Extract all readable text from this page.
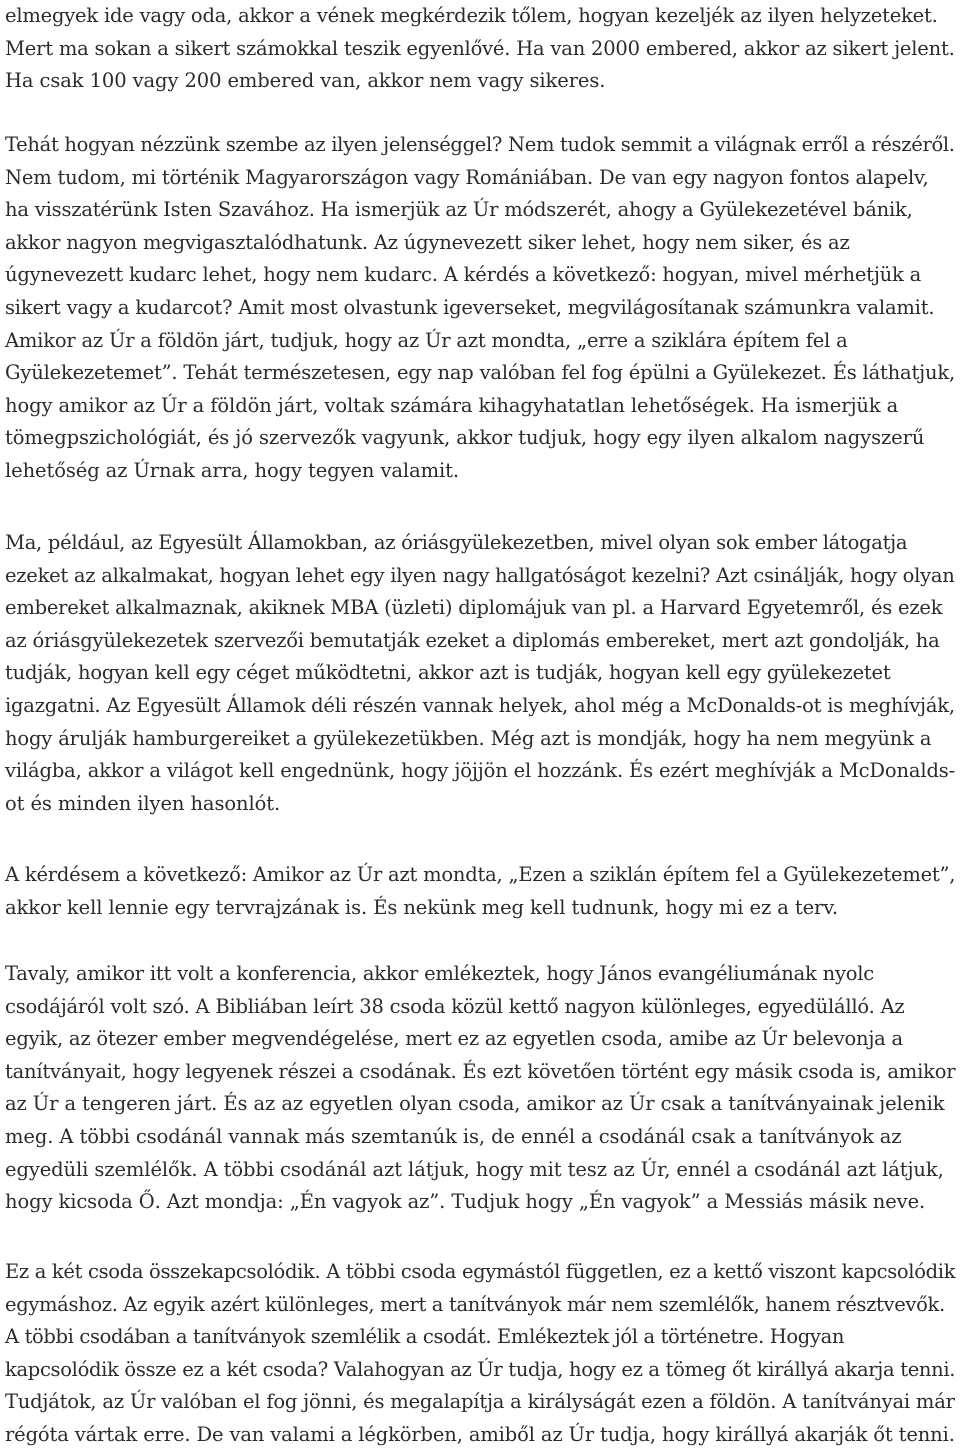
elmegyek ide vagy oda, akkor a vének megkérdezik tőlem, hogyan kezeljék az ilyen helyzeteket.
Mert ma sokan a sikert számokkal teszik egyenlővé. Ha van 2000 embered, akkor az sikert jelent.
Ha csak 100 vagy 200 embered van, akkor nem vagy sikeres.
Tehát hogyan nézzünk szembe az ilyen jelenséggel? Nem tudok semmit a világnak erről a részéről.
Nem tudom, mi történik Magyarországon vagy Romániában. De van egy nagyon fontos alapelv,
ha visszatérünk Isten Szavához. Ha ismerjük az Úr módszerét, ahogy a Gyülekezetével bánik,
akkor nagyon megvigasztalódhatunk. Az úgynevezett siker lehet, hogy nem siker, és az
úgynevezett kudarc lehet, hogy nem kudarc. A kérdés a következő: hogyan, mivel mérhetjük a
sikert vagy a kudarcot? Amit most olvastunk igeverseket, megvilágosítanak számunkra valamit.
Amikor az Úr a földön járt, tudjuk, hogy az Úr azt mondta, „erre a sziklára építem fel a
Gyülekezetemet”. Tehát természetesen, egy nap valóban fel fog épülni a Gyülekezet. És láthatjuk,
hogy amikor az Úr a földön járt, voltak számára kihagyhatatlan lehetőségek. Ha ismerjük a
tömegpszichológiát, és jó szervezők vagyunk, akkor tudjuk, hogy egy ilyen alkalom nagyszerű
lehetőség az Úrnak arra, hogy tegyen valamit.
Ma, például, az Egyesült Államokban, az óriásgyülekezetben, mivel olyan sok ember látogatja
ezeket az alkalmakat, hogyan lehet egy ilyen nagy hallgatóságot kezelni? Azt csinálják, hogy olyan
embereket alkalmaznak, akiknek MBA (üzleti) diplomájuk van pl. a Harvard Egyetemről, és ezek
az óriásgyülekezetek szervezői bemutatják ezeket a diplomás embereket, mert azt gondolják, ha
tudják, hogyan kell egy céget működtetni, akkor azt is tudják, hogyan kell egy gyülekezetet
igazgatni. Az Egyesült Államok déli részén vannak helyek, ahol még a McDonalds-ot is meghívják,
hogy árulják hamburgereiket a gyülekezetükben. Még azt is mondják, hogy ha nem megyünk a
világba, akkor a világot kell engednünk, hogy jöjjön el hozzánk. És ezért meghívják a McDonalds-
ot és minden ilyen hasonlót.
A kérdésem a következő: Amikor az Úr azt mondta, „Ezen a sziklán építem fel a Gyülekezetemet”,
akkor kell lennie egy tervrajzának is. És nekünk meg kell tudnunk, hogy mi ez a terv.
Tavaly, amikor itt volt a konferencia, akkor emlékeztek, hogy János evangéliumának nyolc
csodájáról volt szó. A Bibliában leírt 38 csoda közül kettő nagyon különleges, egyedülálló. Az
egyik, az ötezer ember megvendégelése, mert ez az egyetlen csoda, amibe az Úr belevonja a
tanítványait, hogy legyenek részei a csodának. És ezt követően történt egy másik csoda is, amikor
az Úr a tengeren járt. És az az egyetlen olyan csoda, amikor az Úr csak a tanítványainak jelenik
meg. A többi csodánál vannak más szemtanúk is, de ennél a csodánál csak a tanítványok az
egyedüli szemlélők. A többi csodánál azt látjuk, hogy mit tesz az Úr, ennél a csodánál azt látjuk,
hogy kicsoda Ő. Azt mondja: „Én vagyok az”. Tudjuk hogy „Én vagyok” a Messiás másik neve.
Ez a két csoda összekapcsolódik. A többi csoda egymástól független, ez a kettő viszont kapcsolódik
egymáshoz. Az egyik azért különleges, mert a tanítványok már nem szemlélők, hanem résztvevők.
A többi csodában a tanítványok szemlélik a csodát. Emlékeztek jól a történetre. Hogyan
kapcsolódik össze ez a két csoda? Valahogyan az Úr tudja, hogy ez a tömeg őt királlyá akarja tenni.
Tudjátok, az Úr valóban el fog jönni, és megalapítja a királyságát ezen a földön. A tanítványai már
régóta vártak erre. De van valami a légkörben, amiből az Úr tudja, hogy királlyá akarják őt tenni.
